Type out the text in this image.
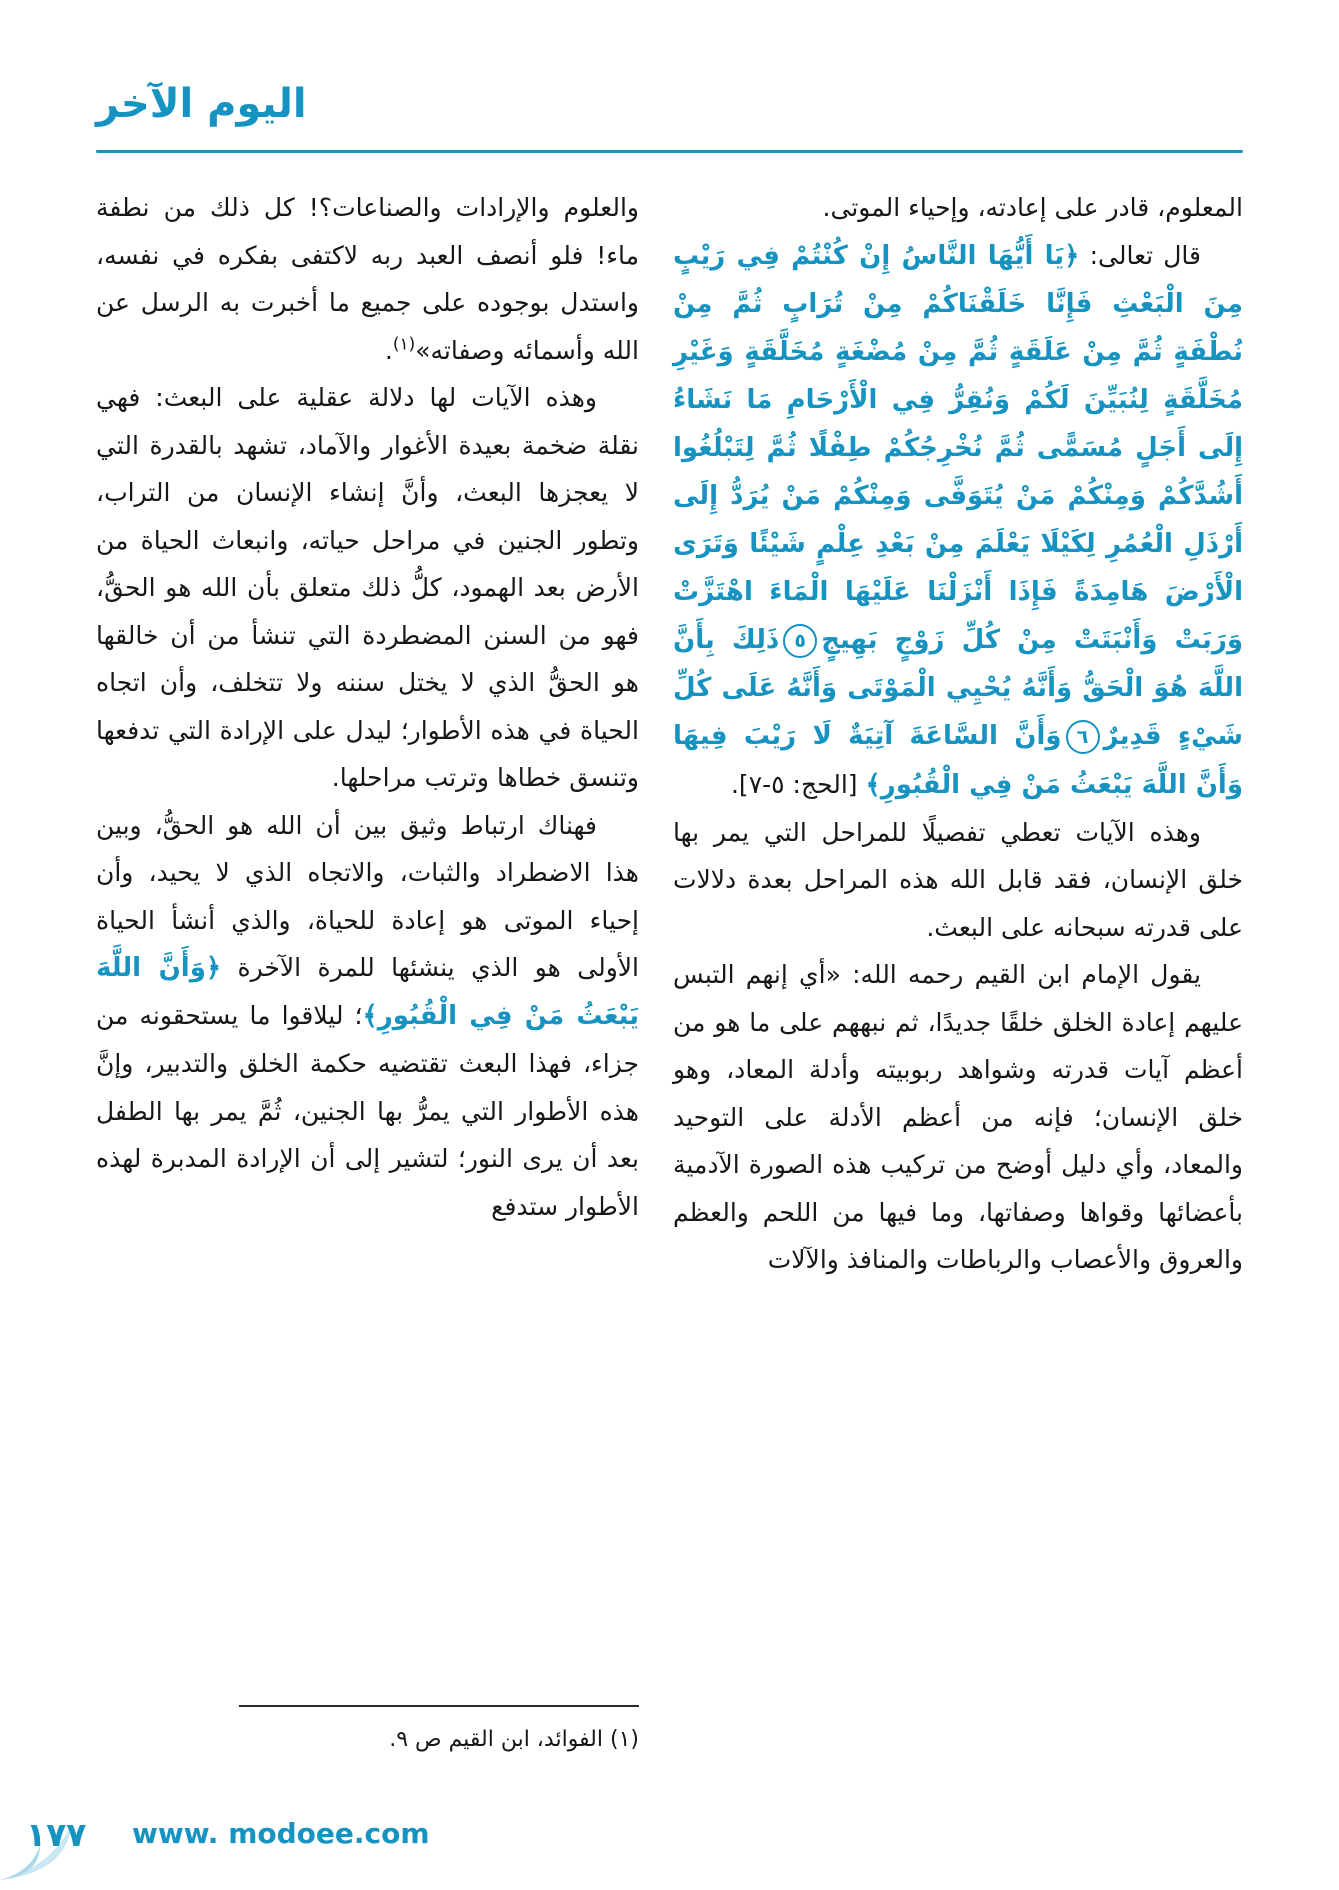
اليوم الآخر

المعلوم، قادر على إعادته، وإحياء الموتى.

قال تعالى: ﴿يَا أَيُّهَا النَّاسُ إِنْ كُنْتُمْ فِي رَيْبٍ مِنَ الْبَعْثِ فَإِنَّا خَلَقْنَاكُمْ مِنْ تُرَابٍ ثُمَّ مِنْ نُطْفَةٍ ثُمَّ مِنْ عَلَقَةٍ ثُمَّ مِنْ مُضْغَةٍ مُخَلَّقَةٍ وَغَيْرِ مُخَلَّقَةٍ لِنُبَيِّنَ لَكُمْ وَنُقِرُّ فِي الْأَرْحَامِ مَا نَشَاءُ إِلَى أَجَلٍ مُسَمًّى ثُمَّ نُخْرِجُكُمْ طِفْلًا ثُمَّ لِتَبْلُغُوا أَشُدَّكُمْ وَمِنْكُمْ مَنْ يُتَوَفَّى وَمِنْكُمْ مَنْ يُرَدُّ إِلَى أَرْذَلِ الْعُمُرِ لِكَيْلَا يَعْلَمَ مِنْ بَعْدِ عِلْمٍ شَيْئًا وَتَرَى الْأَرْضَ هَامِدَةً فَإِذَا أَنْزَلْنَا عَلَيْهَا الْمَاءَ اهْتَزَّتْ وَرَبَتْ وَأَنْبَتَتْ مِنْ كُلِّ زَوْجٍ بَهِيجٍ٥ذَلِكَ بِأَنَّ اللَّهَ هُوَ الْحَقُّ وَأَنَّهُ يُحْيِي الْمَوْتَى وَأَنَّهُ عَلَى كُلِّ شَيْءٍ قَدِيرٌ٦وَأَنَّ السَّاعَةَ آتِيَةٌ لَا رَيْبَ فِيهَا وَأَنَّ اللَّهَ يَبْعَثُ مَنْ فِي الْقُبُورِ﴾ [الحج: ٥-٧].

وهذه الآيات تعطي تفصيلًا للمراحل التي يمر بها خلق الإنسان، فقد قابل الله هذه المراحل بعدة دلالات على قدرته سبحانه على البعث.

يقول الإمام ابن القيم رحمه الله: «أي إنهم التبس عليهم إعادة الخلق خلقًا جديدًا، ثم نبههم على ما هو من أعظم آيات قدرته وشواهد ربوبيته وأدلة المعاد، وهو خلق الإنسان؛ فإنه من أعظم الأدلة على التوحيد والمعاد، وأي دليل أوضح من تركيب هذه الصورة الآدمية بأعضائها وقواها وصفاتها، وما فيها من اللحم والعظم والعروق والأعصاب والرباطات والمنافذ والآلات

والعلوم والإرادات والصناعات؟! كل ذلك من نطفة ماء! فلو أنصف العبد ربه لاكتفى بفكره في نفسه، واستدل بوجوده على جميع ما أخبرت به الرسل عن الله وأسمائه وصفاته»$^{(١)}$.

وهذه الآيات لها دلالة عقلية على البعث: فهي نقلة ضخمة بعيدة الأغوار والآماد، تشهد بالقدرة التي لا يعجزها البعث، وأنَّ إنشاء الإنسان من التراب، وتطور الجنين في مراحل حياته، وانبعاث الحياة من الأرض بعد الهمود، كلُّ ذلك متعلق بأن الله هو الحقُّ، فهو من السنن المضطردة التي تنشأ من أن خالقها هو الحقُّ الذي لا يختل سننه ولا تتخلف، وأن اتجاه الحياة في هذه الأطوار؛ ليدل على الإرادة التي تدفعها وتنسق خطاها وترتب مراحلها.

فهناك ارتباط وثيق بين أن الله هو الحقُّ، وبين هذا الاضطراد والثبات، والاتجاه الذي لا يحيد، وأن إحياء الموتى هو إعادة للحياة، والذي أنشأ الحياة الأولى هو الذي ينشئها للمرة الآخرة ﴿وَأَنَّ اللَّهَ يَبْعَثُ مَنْ فِي الْقُبُورِ﴾؛ ليلاقوا ما يستحقونه من جزاء، فهذا البعث تقتضيه حكمة الخلق والتدبير، وإنَّ هذه الأطوار التي يمرُّ بها الجنين، ثُمَّ يمر بها الطفل بعد أن يرى النور؛ لتشير إلى أن الإرادة المدبرة لهذه الأطوار ستدفع

(١) الفوائد، ابن القيم ص ٩.

١٧٧ www. modoee.com
